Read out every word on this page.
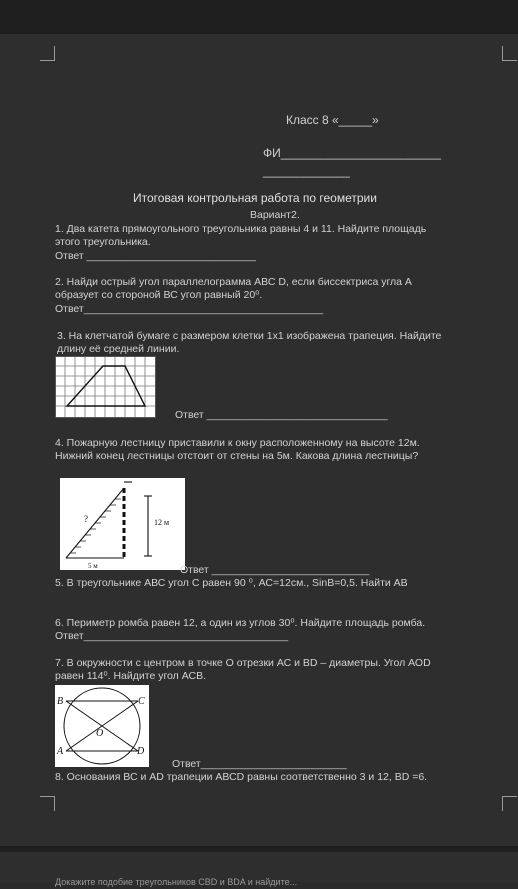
Класс 8 «_____»
ФИ________________________
_____________
Итоговая контрольная работа по геометрии
Вариант2.
1. Два катета прямоугольного треугольника равны 4 и 11. Найдите площадь
этого треугольника.
Ответ _____________________________
2. Найди острый угол параллелограмма АВС D, если биссектриса угла А
образует со стороной ВС угол равный 20⁰.
Ответ_________________________________________
3. На клетчатой бумаге с размером клетки 1х1 изображена трапеция. Найдите
длину её средней линии.
Ответ _______________________________
4. Пожарную лестницу приставили к окну расположенному на высоте 12м.
Нижний конец лестницы отстоит от стены на 5м. Какова длина лестницы?
12 м
?
5 м	Ответ ___________________________
5. В треугольнике АВС угол С равен 90 ⁰, АС=12см., SinВ=0,5. Найти АВ
6. Периметр ромба равен 12, а один из углов 30⁰. Найдите площадь ромба.
Ответ___________________________________
7. В окружности с центром в точке О отрезки АС и ВD – диаметры. Угол АОD
равен 114⁰. Найдите угол АСВ.
B	C
A	D
O
Ответ_________________________
8. Основания ВС и АD трапеции АВСD равны соответственно 3 и 12, ВD =6.
Докажите подобие треугольников CBD и BDA и найдите...
